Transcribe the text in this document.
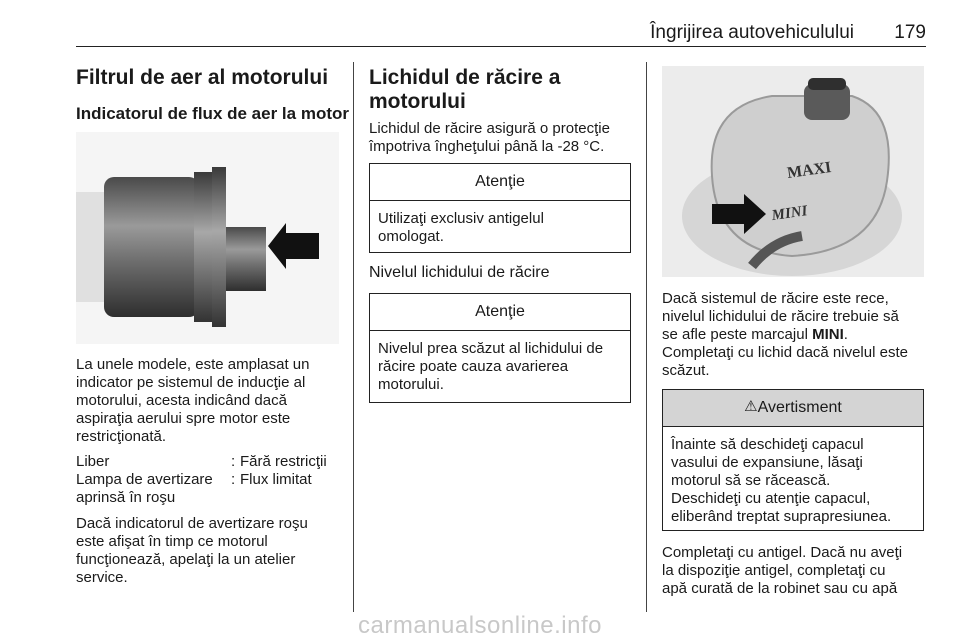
Îngrijirea autovehiculului 179
Filtrul de aer al motorului
Indicatorul de flux de aer la motor
La unele modele, este amplasat un
indicator pe sistemul de inducţie al
motorului, acesta indicând dacă
aspiraţia aerului spre motor este
restricţionată.
Liber	: Fără restricţii
Lampa de avertizare
aprinsă în roşu
: Flux limitat
Dacă indicatorul de avertizare roşu
este afişat în timp ce motorul
funcţionează, apelaţi la un atelier
service.
Lichidul de răcire a
motorului
Lichidul de răcire asigură o protecţie
împotriva îngheţului până la -28 °C.
Atenţie
Utilizaţi exclusiv antigelul
omologat.
Nivelul lichidului de răcire
Atenţie
Nivelul prea scăzut al lichidului de
răcire poate cauza avarierea
motorului.
MAXI
MINI
Dacă sistemul de răcire este rece,
nivelul lichidului de răcire trebuie să
se afle peste marcajul MINI.
Completaţi cu lichid dacă nivelul este
scăzut.
⚠Avertisment
Înainte să deschideţi capacul
vasului de expansiune, lăsaţi
motorul să se răcească.
Deschideţi cu atenţie capacul,
eliberând treptat suprapresiunea.
Completaţi cu antigel. Dacă nu aveţi
la dispoziţie antigel, completaţi cu
apă curată de la robinet sau cu apă
carmanualsonline.info
